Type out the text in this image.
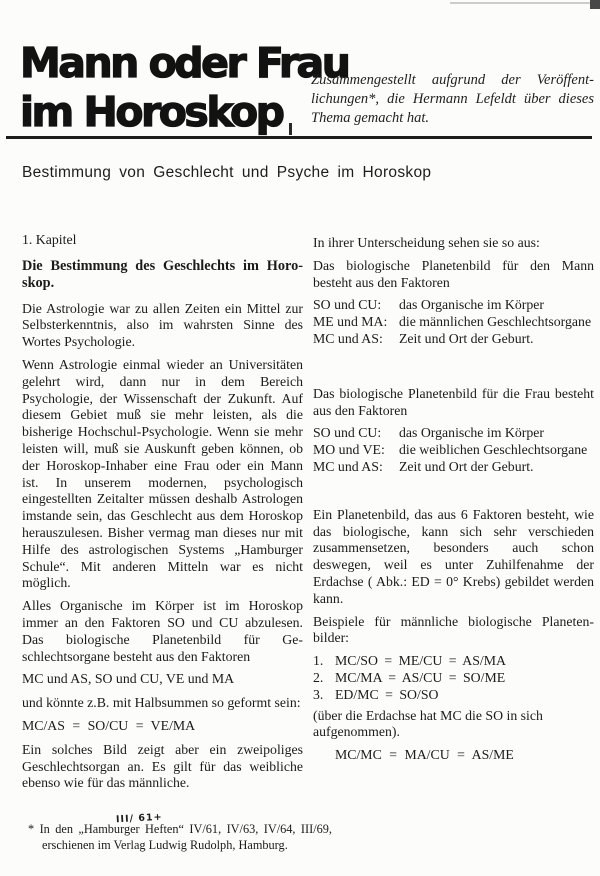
Mann oder Frau
im Horoskop
Zusammengestellt aufgrund der Veröffentlichungen*, die Hermann Lefeldt über dieses Thema gemacht hat.
Bestimmung von Geschlecht und Psyche im Horoskop

1. Kapitel

Die Bestimmung des Geschlechts im Horoskop.

Die Astrologie war zu allen Zeiten ein Mittel zur Selbsterkenntnis, also im wahrsten Sinne des Wortes Psychologie.

Wenn Astrologie einmal wieder an Universitäten gelehrt wird, dann nur in dem Bereich Psychologie, der Wissenschaft der Zukunft. Auf diesem Gebiet muß sie mehr leisten, als die bisherige Hochschul-Psychologie. Wenn sie mehr leisten will, muß sie Auskunft geben können, ob der Horoskop-Inhaber eine Frau oder ein Mann ist. In unserem modernen, psychologisch eingestellten Zeitalter müssen deshalb Astrologen imstande sein, das Geschlecht aus dem Horoskop herauszulesen. Bisher vermag man dieses nur mit Hilfe des astrologischen Systems „Hamburger Schule“. Mit anderen Mitteln war es nicht möglich.

Alles Organische im Körper ist im Horoskop immer an den Faktoren SO und CU abzulesen. Das biologische Planetenbild für Geschlechtsorgane besteht aus den Faktoren

MC und AS, SO und CU, VE und MA

und könnte z.B. mit Halbsummen so geformt sein:

MC/AS = SO/CU = VE/MA

Ein solches Bild zeigt aber ein zweipoliges Geschlechtsorgan an. Es gilt für das weibliche ebenso wie für das männliche.

In ihrer Unterscheidung sehen sie so aus:

Das biologische Planetenbild für den Mann besteht aus den Faktoren

SO und CU:	das Organische im Körper
ME und MA: die männlichen Geschlechtsorgane
MC und AS:	Zeit und Ort der Geburt.

Das biologische Planetenbild für die Frau besteht aus den Faktoren

SO und CU:	das Organische im Körper
MO und VE:	die weiblichen Geschlechtsorgane
MC und AS:	Zeit und Ort der Geburt.

Ein Planetenbild, das aus 6 Faktoren besteht, wie das biologische, kann sich sehr verschieden zusammensetzen, besonders auch schon deswegen, weil es unter Zuhilfenahme der Erdachse ( Abk.: ED = 0° Krebs) gebildet werden kann.

Beispiele für männliche biologische Planetenbilder:

1. MC/SO = ME/CU = AS/MA
2. MC/MA = AS/CU = SO/ME
3. ED/MC = SO/SO

(über die Erdachse hat MC die SO in sich aufgenommen).

MC/MC = MA/CU = AS/ME

III/ 61+
* In den „Hamburger Heften“ IV/61, IV/63, IV/64, III/69, erschienen im Verlag Ludwig Rudolph, Hamburg.
